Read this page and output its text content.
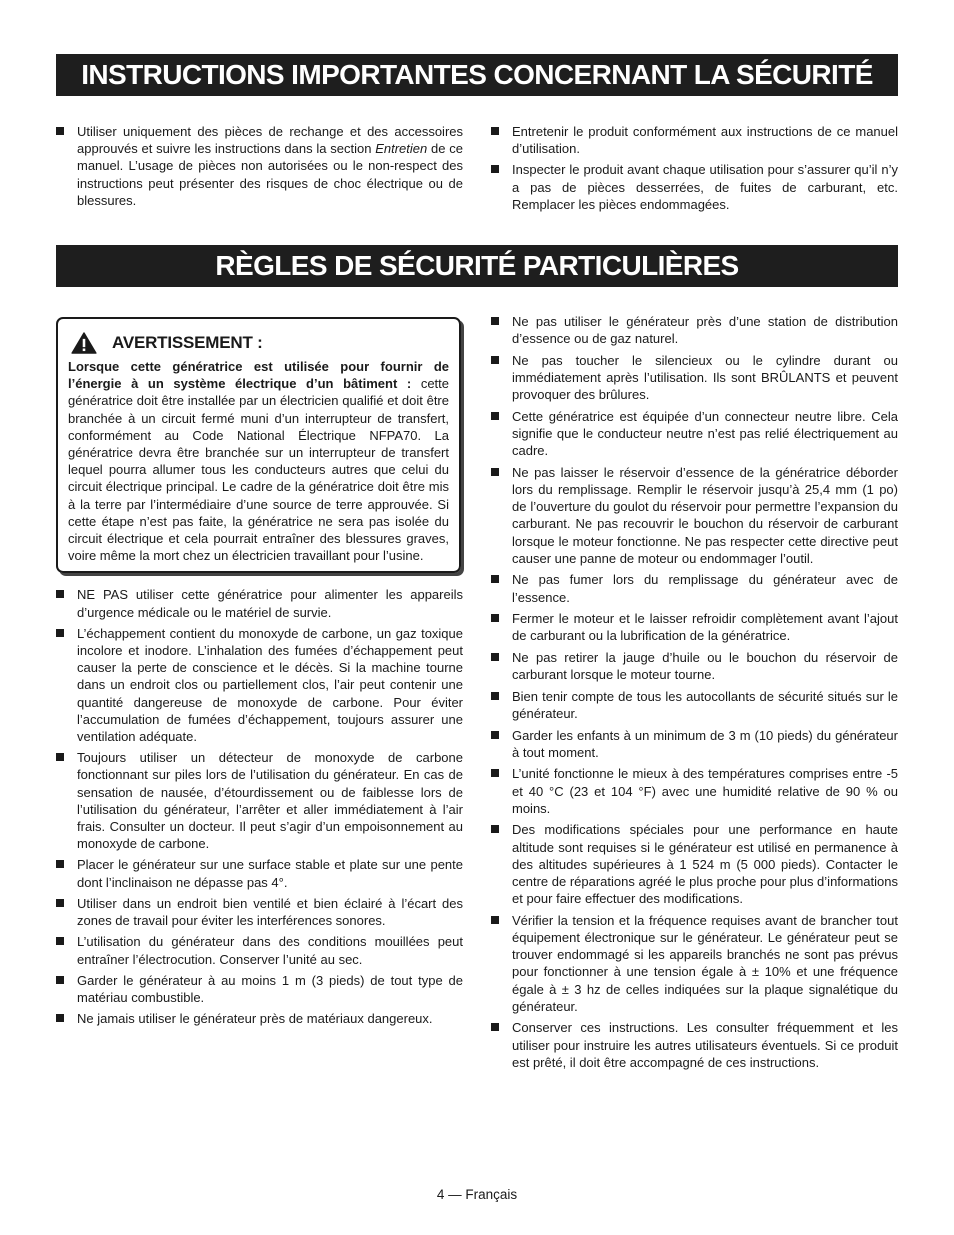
INSTRUCTIONS IMPORTANTES CONCERNANT LA SÉCURITÉ
Utiliser uniquement des pièces de rechange et des accessoires approuvés et suivre les instructions dans la section Entretien de ce manuel. L’usage de pièces non autorisées ou le non-respect des instructions peut présenter des risques de choc électrique ou de blessures.
Entretenir le produit conformément aux instructions de ce manuel d’utilisation.
Inspecter le produit avant chaque utilisation pour s’assurer qu’il n’y a pas de pièces desserrées, de fuites de carburant, etc. Remplacer les pièces endommagées.
RÈGLES DE SÉCURITÉ PARTICULIÈRES
AVERTISSEMENT :
Lorsque cette génératrice est utilisée pour fournir de l’énergie à un système électrique d’un bâtiment : cette génératrice doit être installée par un électricien qualifié et doit être branchée à un circuit fermé muni d’un interrupteur de transfert, conformément au Code National Électrique NFPA70. La génératrice devra être branchée sur un interrupteur de transfert lequel pourra allumer tous les conducteurs autres que celui du circuit électrique principal. Le cadre de la génératrice doit être mis à la terre par l’intermédiaire d’une source de terre approuvée. Si cette étape n’est pas faite, la génératrice ne sera pas isolée du circuit électrique et cela pourrait entraîner des blessures graves, voire même la mort chez un électricien travaillant pour l’usine.
NE PAS utiliser cette génératrice pour alimenter les appareils d’urgence médicale ou le matériel de survie.
L’échappement contient du monoxyde de carbone, un gaz toxique incolore et inodore. L’inhalation des fumées d’échappement peut causer la perte de conscience et le décès. Si la machine tourne dans un endroit clos ou partiellement clos, l’air peut contenir une quantité dangereuse de monoxyde de carbone. Pour éviter l’accumulation de fumées d’échappement, toujours assurer une ventilation adéquate.
Toujours utiliser un détecteur de monoxyde de carbone fonctionnant sur piles lors de l’utilisation du générateur. En cas de sensation de nausée, d’étourdissement ou de faiblesse lors de l’utilisation du générateur, l’arrêter et aller immédiatement à l’air frais. Consulter un docteur. Il peut s’agir d’un empoisonnement au monoxyde de carbone.
Placer le générateur sur une surface stable et plate sur une pente dont l’inclinaison ne dépasse pas 4°.
Utiliser dans un endroit bien ventilé et bien éclairé à l’écart des zones de travail pour éviter les interférences sonores.
L’utilisation du générateur dans des conditions mouillées peut entraîner l’électrocution. Conserver l’unité au sec.
Garder le générateur à au moins 1 m (3 pieds) de tout type de matériau combustible.
Ne jamais utiliser le générateur près de matériaux dangereux.
Ne pas utiliser le générateur près d’une station de distribution d’essence ou de gaz naturel.
Ne pas toucher le silencieux ou le cylindre durant ou immédiatement après l’utilisation. Ils sont BRÛLANTS et peuvent provoquer des brûlures.
Cette génératrice est équipée d’un connecteur neutre libre. Cela signifie que le conducteur neutre n’est pas relié électriquement au cadre.
Ne pas laisser le réservoir d’essence de la génératrice déborder lors du remplissage. Remplir le réservoir jusqu’à 25,4 mm (1 po) de l’ouverture du goulot du réservoir pour permettre l’expansion du carburant. Ne pas recouvrir le bouchon du réservoir de carburant lorsque le moteur fonctionne. Ne pas respecter cette directive peut causer une panne de moteur ou endommager l’outil.
Ne pas fumer lors du remplissage du générateur avec de l’essence.
Fermer le moteur et le laisser refroidir complètement avant l’ajout de carburant ou la lubrification de la génératrice.
Ne pas retirer la jauge d’huile ou le bouchon du réservoir de carburant lorsque le moteur tourne.
Bien tenir compte de tous les autocollants de sécurité situés sur le générateur.
Garder les enfants à un minimum de 3 m (10 pieds) du générateur à tout moment.
L’unité fonctionne le mieux à des températures comprises entre -5 et 40 °C (23 et 104 °F) avec une humidité relative de 90 % ou moins.
Des modifications spéciales pour une performance en haute altitude sont requises si le générateur est utilisé en permanence à des altitudes supérieures à 1 524 m (5 000 pieds). Contacter le centre de réparations agréé le plus proche pour plus d’informations et pour faire effectuer des modifications.
Vérifier la tension et la fréquence requises avant de brancher tout équipement électronique sur le générateur. Le générateur peut se trouver endommagé si les appareils branchés ne sont pas prévus pour fonctionner à une tension égale à ± 10% et une fréquence égale à ± 3 hz de celles indiquées sur la plaque signalétique du générateur.
Conserver ces instructions. Les consulter fréquemment et les utiliser pour instruire les autres utilisateurs éventuels. Si ce produit est prêté, il doit être accompagné de ces instructions.
4 — Français
